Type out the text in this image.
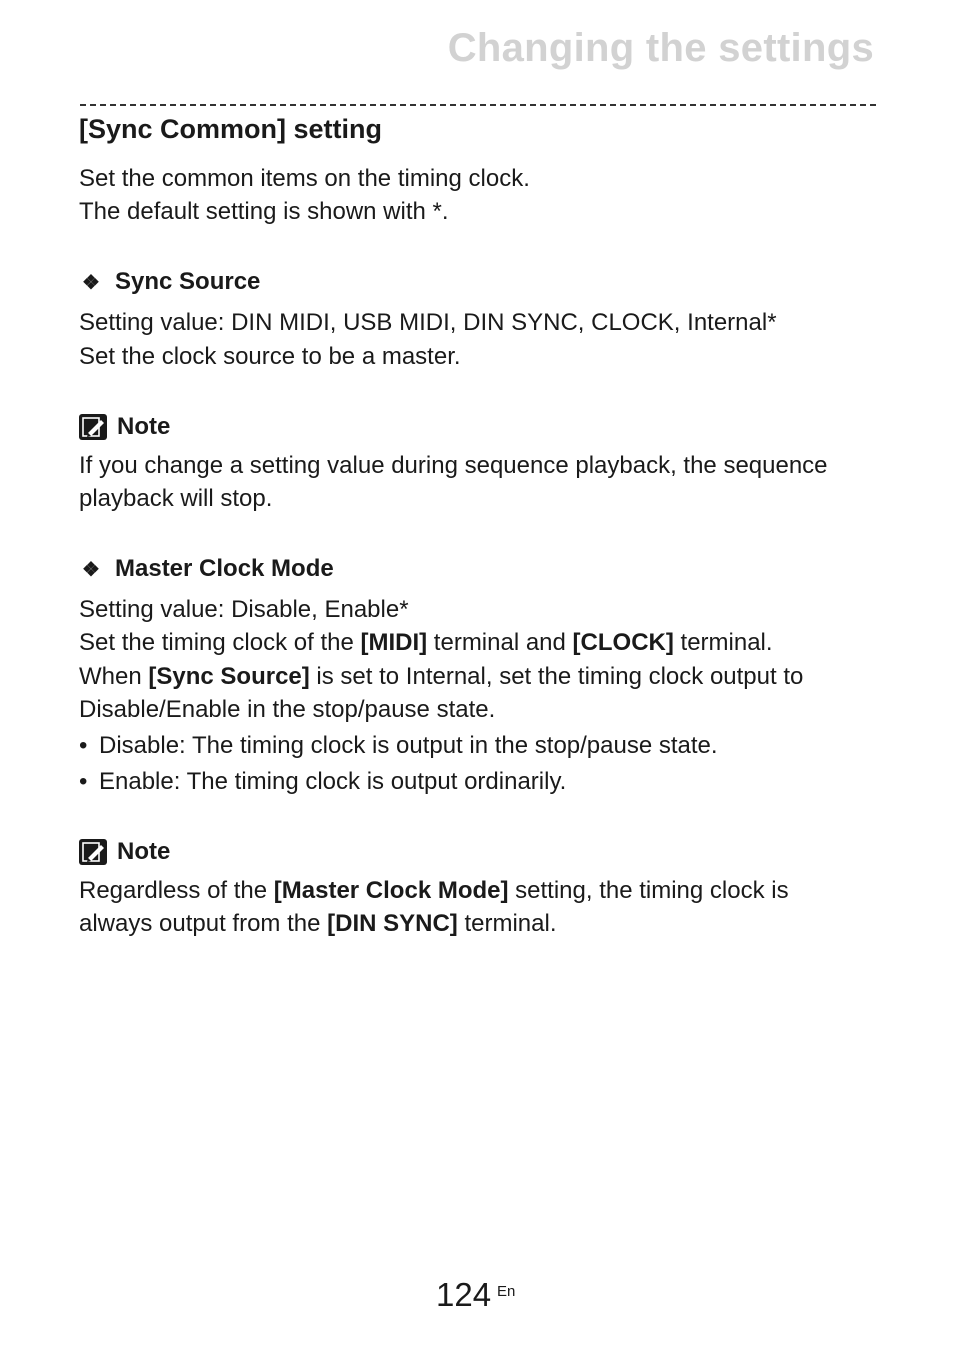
Changing the settings
[Sync Common] setting

Set the common items on the timing clock.

The default setting is shown with *.

❖ Sync Source

Setting value: DIN MIDI, USB MIDI, DIN SYNC, CLOCK, Internal*

Set the clock source to be a master.

Note

If you change a setting value during sequence playback, the sequence

playback will stop.

❖ Master Clock Mode

Setting value: Disable, Enable*

Set the timing clock of the [MIDI] terminal and [CLOCK] terminal.

When [Sync Source] is set to Internal, set the timing clock output to

Disable/Enable in the stop/pause state.

• Disable: The timing clock is output in the stop/pause state.

• Enable: The timing clock is output ordinarily.

Note

Regardless of the [Master Clock Mode] setting, the timing clock is

always output from the [DIN SYNC] terminal.

124 En
